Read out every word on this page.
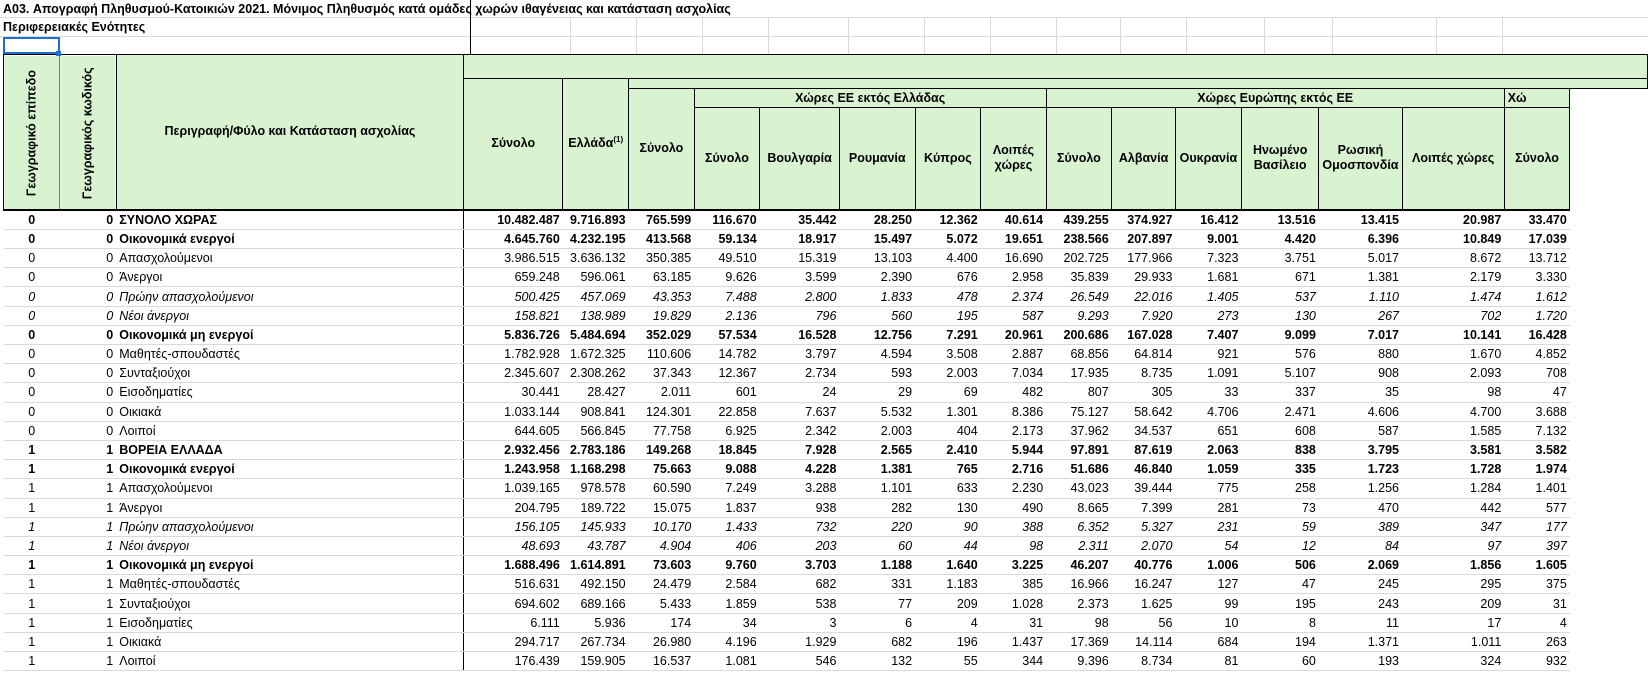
A03. Απογραφή Πληθυσμού-Κατοικιών 2021. Μόνιμος Πληθυσμός κατά ομάδες χωρών ιθαγένειας και κατάσταση ασχολίας
Περιφερειακές Ενότητες
Γεωγραφικό επίπεδο	Γεωγραφικός κωδικός	Περιγραφή/Φύλο και Κατάσταση ασχολίας															
			Σύνολο	Ελλάδα$^{(1)}$	
					Σύνολο	Χώρες ΕΕ εκτός Ελλάδας					Χώρες Ευρώπης εκτός ΕΕ						Χώ
						Σύνολο	Βουλγαρία	Ρουμανία	Κύπρος	Λοιπές χώρες	Σύνολο	Αλβανία	Ουκρανία	Ηνωμένο Βασίλειο	Ρωσική Ομοσπονδία	Λοιπές χώρες	Σύνολο
0	0	ΣΥΝΟΛΟ ΧΩΡΑΣ	10.482.487	9.716.893	765.599	116.670	35.442	28.250	12.362	40.614	439.255	374.927	16.412	13.516	13.415	20.987	33.470
0	0	Οικονομικά ενεργοί	4.645.760	4.232.195	413.568	59.134	18.917	15.497	5.072	19.651	238.566	207.897	9.001	4.420	6.396	10.849	17.039
0	0	Απασχολούμενοι	3.986.515	3.636.132	350.385	49.510	15.319	13.103	4.400	16.690	202.725	177.966	7.323	3.751	5.017	8.672	13.712
0	0	Άνεργοι	659.248	596.061	63.185	9.626	3.599	2.390	676	2.958	35.839	29.933	1.681	671	1.381	2.179	3.330
0	0	Πρώην απασχολούμενοι	500.425	457.069	43.353	7.488	2.800	1.833	478	2.374	26.549	22.016	1.405	537	1.110	1.474	1.612
0	0	Νέοι άνεργοι	158.821	138.989	19.829	2.136	796	560	195	587	9.293	7.920	273	130	267	702	1.720
0	0	Οικονομικά μη ενεργοί	5.836.726	5.484.694	352.029	57.534	16.528	12.756	7.291	20.961	200.686	167.028	7.407	9.099	7.017	10.141	16.428
0	0	Μαθητές-σπουδαστές	1.782.928	1.672.325	110.606	14.782	3.797	4.594	3.508	2.887	68.856	64.814	921	576	880	1.670	4.852
0	0	Συνταξιούχοι	2.345.607	2.308.262	37.343	12.367	2.734	593	2.003	7.034	17.935	8.735	1.091	5.107	908	2.093	708
0	0	Εισοδηματίες	30.441	28.427	2.011	601	24	29	69	482	807	305	33	337	35	98	47
0	0	Οικιακά	1.033.144	908.841	124.301	22.858	7.637	5.532	1.301	8.386	75.127	58.642	4.706	2.471	4.606	4.700	3.688
0	0	Λοιποί	644.605	566.845	77.758	6.925	2.342	2.003	404	2.173	37.962	34.537	651	608	587	1.585	7.132
1	1	ΒΟΡΕΙΑ ΕΛΛΑΔΑ	2.932.456	2.783.186	149.268	18.845	7.928	2.565	2.410	5.944	97.891	87.619	2.063	838	3.795	3.581	3.582
1	1	Οικονομικά ενεργοί	1.243.958	1.168.298	75.663	9.088	4.228	1.381	765	2.716	51.686	46.840	1.059	335	1.723	1.728	1.974
1	1	Απασχολούμενοι	1.039.165	978.578	60.590	7.249	3.288	1.101	633	2.230	43.023	39.444	775	258	1.256	1.284	1.401
1	1	Άνεργοι	204.795	189.722	15.075	1.837	938	282	130	490	8.665	7.399	281	73	470	442	577
1	1	Πρώην απασχολούμενοι	156.105	145.933	10.170	1.433	732	220	90	388	6.352	5.327	231	59	389	347	177
1	1	Νέοι άνεργοι	48.693	43.787	4.904	406	203	60	44	98	2.311	2.070	54	12	84	97	397
1	1	Οικονομικά μη ενεργοί	1.688.496	1.614.891	73.603	9.760	3.703	1.188	1.640	3.225	46.207	40.776	1.006	506	2.069	1.856	1.605
1	1	Μαθητές-σπουδαστές	516.631	492.150	24.479	2.584	682	331	1.183	385	16.966	16.247	127	47	245	295	375
1	1	Συνταξιούχοι	694.602	689.166	5.433	1.859	538	77	209	1.028	2.373	1.625	99	195	243	209	31
1	1	Εισοδηματίες	6.111	5.936	174	34	3	6	4	31	98	56	10	8	11	17	4
1	1	Οικιακά	294.717	267.734	26.980	4.196	1.929	682	196	1.437	17.369	14.114	684	194	1.371	1.011	263
1	1	Λοιποί	176.439	159.905	16.537	1.081	546	132	55	344	9.396	8.734	81	60	193	324	932
